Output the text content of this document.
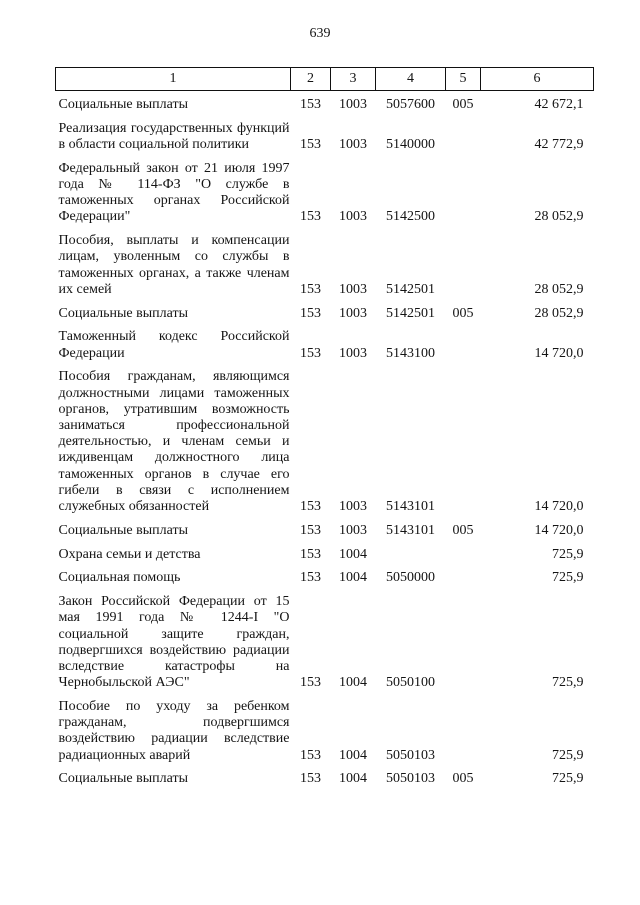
639
1	2	3	4	5	6
Социальные выплаты	153	1003	5057600	005	42 672,1
Реализация государственных функций в области социальной политики	153	1003	5140000		42 772,9
Федеральный закон от 21 июля 1997 года № 114-ФЗ "О службе в таможенных органах Российской Федерации"	153	1003	5142500		28 052,9
Пособия, выплаты и компенсации лицам, уволенным со службы в таможенных органах, а также членам их семей	153	1003	5142501		28 052,9
Социальные выплаты	153	1003	5142501	005	28 052,9
Таможенный кодекс Российской Федерации	153	1003	5143100		14 720,0
Пособия гражданам, являющимся должностными лицами таможенных органов, утратившим возможность заниматься профессиональной деятельностью, и членам семьи и иждивенцам должностного лица таможенных органов в случае его гибели в связи с исполнением служебных обязанностей	153	1003	5143101		14 720,0
Социальные выплаты	153	1003	5143101	005	14 720,0
Охрана семьи и детства	153	1004			725,9
Социальная помощь	153	1004	5050000		725,9
Закон Российской Федерации от 15 мая 1991 года № 1244-I "О социальной защите граждан, подвергшихся воздействию радиации вследствие катастрофы на Чернобыльской АЭС"	153	1004	5050100		725,9
Пособие по уходу за ребенком гражданам, подвергшимся воздействию радиации вследствие радиационных аварий	153	1004	5050103		725,9
Социальные выплаты	153	1004	5050103	005	725,9
